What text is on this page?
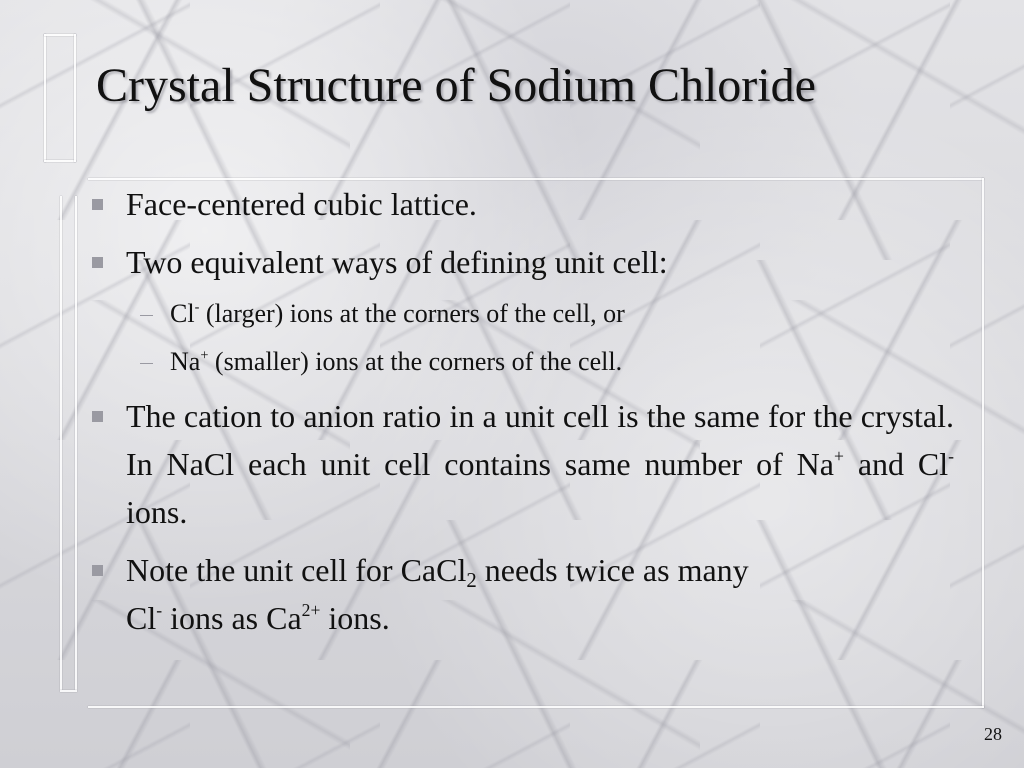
Crystal Structure of Sodium Chloride

Face-centered cubic lattice.

Two equivalent ways of defining unit cell:

Cl- (larger) ions at the corners of the cell, or

Na+ (smaller) ions at the corners of the cell.

The cation to anion ratio in a unit cell is the same for the crystal. In NaCl each unit cell contains same number of Na+ and Cl- ions.

Note the unit cell for CaCl$_2$ needs twice as many
Cl- ions as $Ca^{2+}$ ions.

28
